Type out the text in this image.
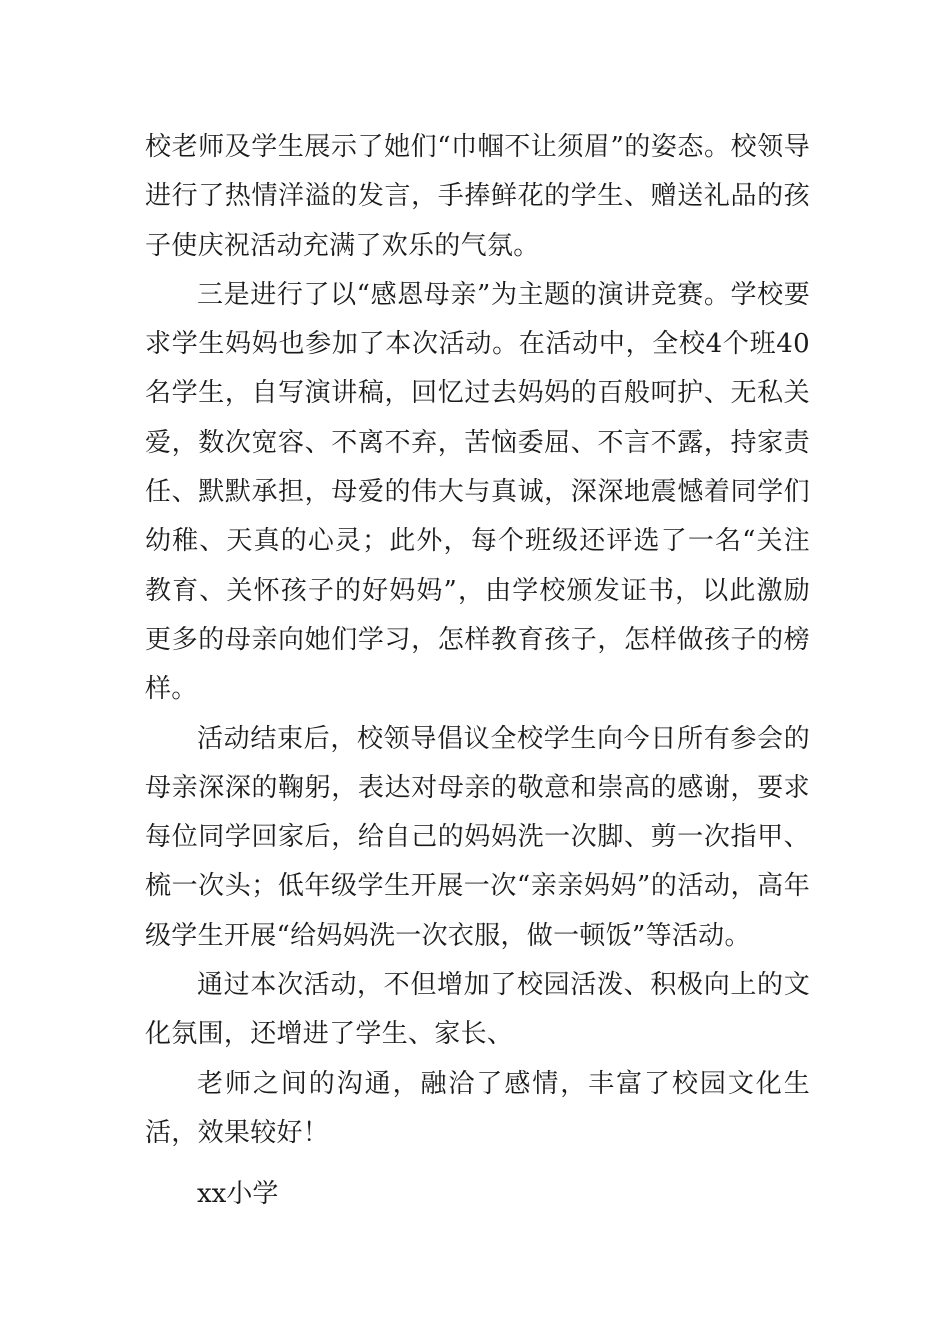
校老师及学生展示了她们“巾帼不让须眉”的姿态。校领导进行了热情洋溢的发言，手捧鲜花的学生、赠送礼品的孩子使庆祝活动充满了欢乐的气氛。

三是进行了以“感恩母亲”为主题的演讲竞赛。学校要求学生妈妈也参加了本次活动。在活动中，全校4个班40名学生，自写演讲稿，回忆过去妈妈的百般呵护、无私关爱，数次宽容、不离不弃，苦恼委屈、不言不露，持家责任、默默承担，母爱的伟大与真诚，深深地震憾着同学们幼稚、天真的心灵；此外，每个班级还评选了一名“关注教育、关怀孩子的好妈妈”，由学校颁发证书，以此激励更多的母亲向她们学习，怎样教育孩子，怎样做孩子的榜样。

活动结束后，校领导倡议全校学生向今日所有参会的母亲深深的鞠躬，表达对母亲的敬意和崇高的感谢，要求每位同学回家后，给自己的妈妈洗一次脚、剪一次指甲、梳一次头；低年级学生开展一次“亲亲妈妈”的活动，高年级学生开展“给妈妈洗一次衣服，做一顿饭”等活动。

通过本次活动，不但增加了校园活泼、积极向上的文化氛围，还增进了学生、家长、

老师之间的沟通，融洽了感情，丰富了校园文化生活，效果较好！

xx小学
